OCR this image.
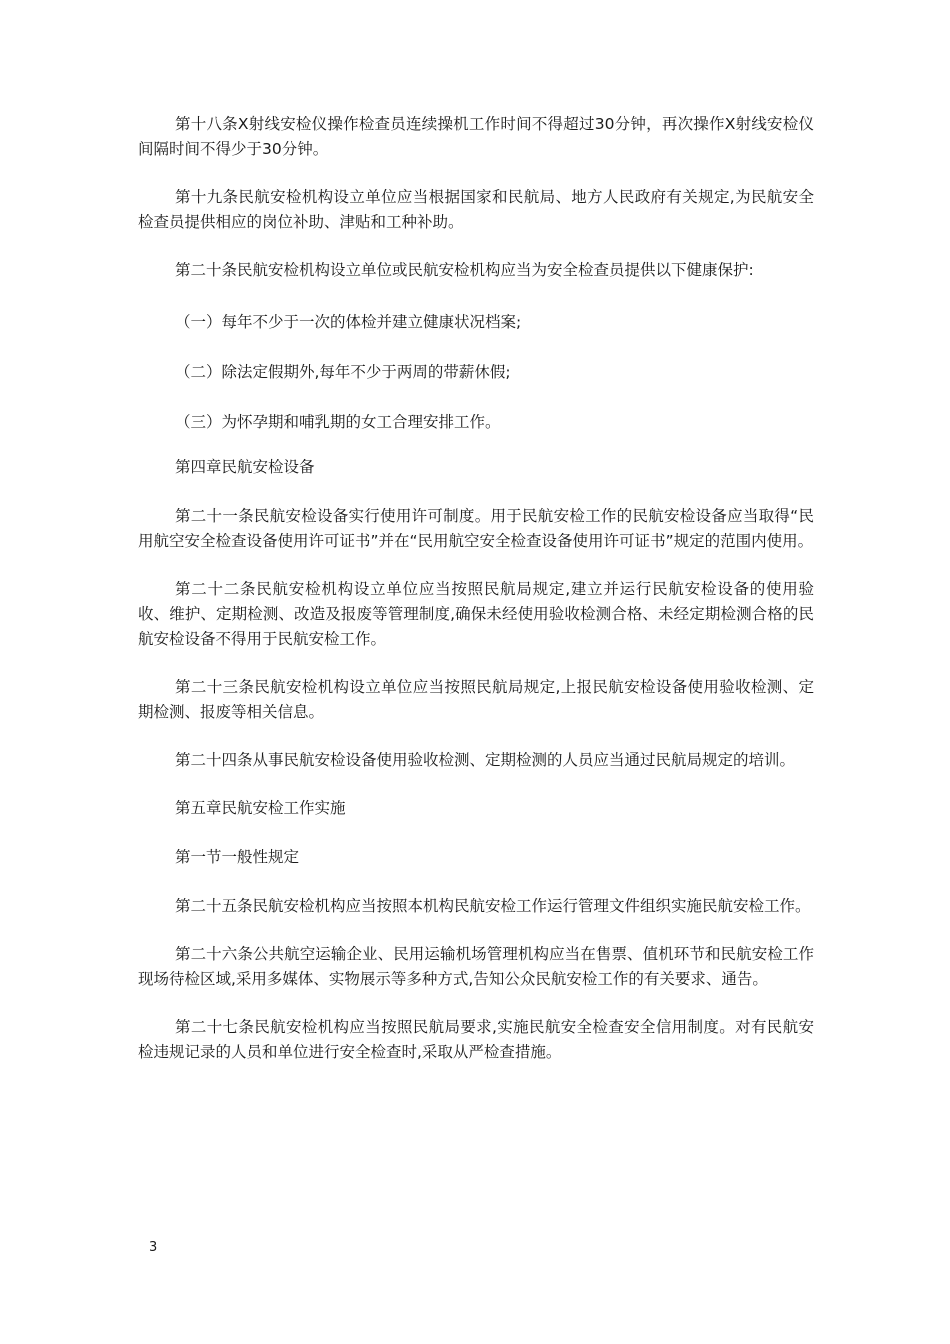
第十八条X射线安检仪操作检查员连续操机工作时间不得超过30分钟，再次操作X射线安检仪间隔时间不得少于30分钟。

第十九条民航安检机构设立单位应当根据国家和民航局、地方人民政府有关规定,为民航安全检查员提供相应的岗位补助、津贴和工种补助。

第二十条民航安检机构设立单位或民航安检机构应当为安全检查员提供以下健康保护:

（一）每年不少于一次的体检并建立健康状况档案;

（二）除法定假期外,每年不少于两周的带薪休假;

（三）为怀孕期和哺乳期的女工合理安排工作。

第四章民航安检设备

第二十一条民航安检设备实行使用许可制度。用于民航安检工作的民航安检设备应当取得“民用航空安全检查设备使用许可证书”并在“民用航空安全检查设备使用许可证书”规定的范围内使用。

第二十二条民航安检机构设立单位应当按照民航局规定,建立并运行民航安检设备的使用验收、维护、定期检测、改造及报废等管理制度,确保未经使用验收检测合格、未经定期检测合格的民航安检设备不得用于民航安检工作。

第二十三条民航安检机构设立单位应当按照民航局规定,上报民航安检设备使用验收检测、定期检测、报废等相关信息。

第二十四条从事民航安检设备使用验收检测、定期检测的人员应当通过民航局规定的培训。

第五章民航安检工作实施

第一节一般性规定

第二十五条民航安检机构应当按照本机构民航安检工作运行管理文件组织实施民航安检工作。

第二十六条公共航空运输企业、民用运输机场管理机构应当在售票、值机环节和民航安检工作现场待检区域,采用多媒体、实物展示等多种方式,告知公众民航安检工作的有关要求、通告。

第二十七条民航安检机构应当按照民航局要求,实施民航安全检查安全信用制度。对有民航安检违规记录的人员和单位进行安全检查时,采取从严检查措施。

3
